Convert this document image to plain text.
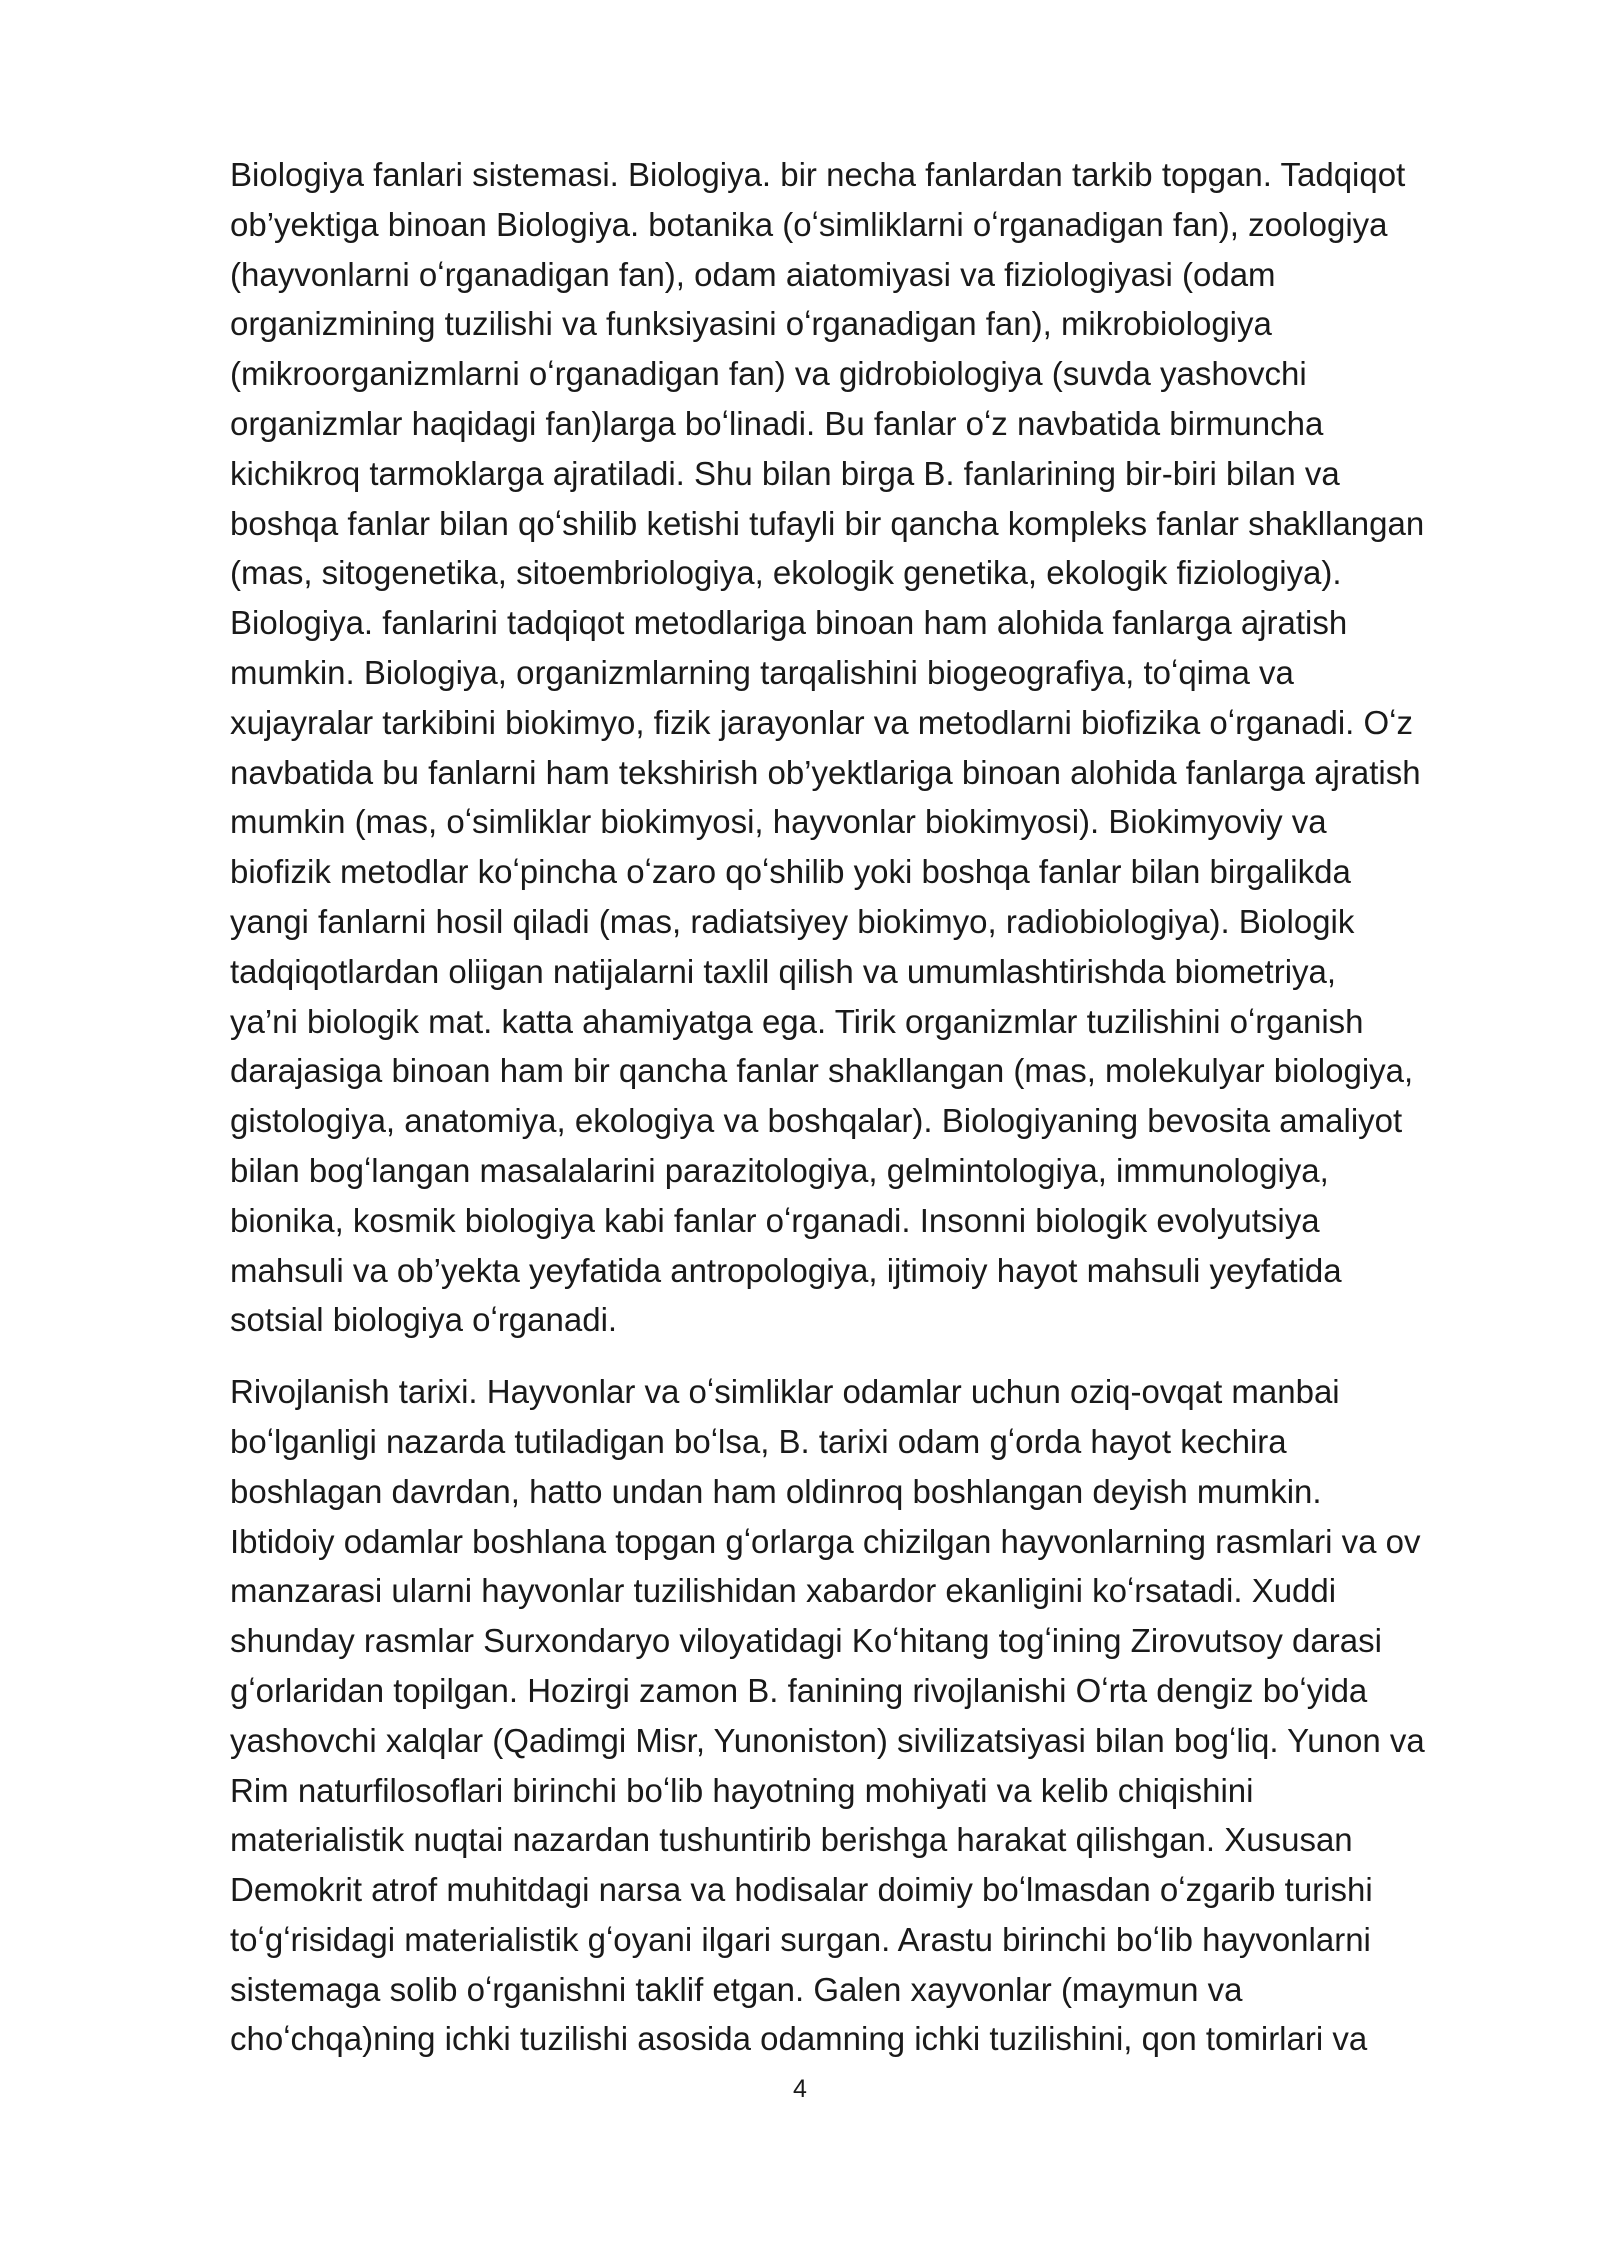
Biologiya fanlari sistemasi. Biologiya. bir necha fanlardan tarkib topgan. Tadqiqot
ob’yektiga binoan Biologiya. botanika (oʻsimliklarni oʻrganadigan fan), zoologiya
(hayvonlarni oʻrganadigan fan), odam aiatomiyasi va fiziologiyasi (odam
organizmining tuzilishi va funksiyasini oʻrganadigan fan), mikrobiologiya
(mikroorganizmlarni oʻrganadigan fan) va gidrobiologiya (suvda yashovchi
organizmlar haqidagi fan)larga boʻlinadi. Bu fanlar oʻz navbatida birmuncha
kichikroq tarmoklarga ajratiladi. Shu bilan birga B. fanlarining bir-biri bilan va
boshqa fanlar bilan qoʻshilib ketishi tufayli bir qancha kompleks fanlar shakllangan
(mas, sitogenetika, sitoembriologiya, ekologik genetika, ekologik fiziologiya).
Biologiya. fanlarini tadqiqot metodlariga binoan ham alohida fanlarga ajratish
mumkin. Biologiya, organizmlarning tarqalishini biogeografiya, toʻqima va
xujayralar tarkibini biokimyo, fizik jarayonlar va metodlarni biofizika oʻrganadi. Oʻz
navbatida bu fanlarni ham tekshirish ob’yektlariga binoan alohida fanlarga ajratish
mumkin (mas, oʻsimliklar biokimyosi, hayvonlar biokimyosi). Biokimyoviy va
biofizik metodlar koʻpincha oʻzaro qoʻshilib yoki boshqa fanlar bilan birgalikda
yangi fanlarni hosil qiladi (mas, radiatsiyey biokimyo, radiobiologiya). Biologik
tadqiqotlardan oliigan natijalarni taxlil qilish va umumlashtirishda biometriya,
ya’ni biologik mat. katta ahamiyatga ega. Tirik organizmlar tuzilishini oʻrganish
darajasiga binoan ham bir qancha fanlar shakllangan (mas, molekulyar biologiya,
gistologiya, anatomiya, ekologiya va boshqalar). Biologiyaning bevosita amaliyot
bilan bogʻlangan masalalarini parazitologiya, gelmintologiya, immunologiya,
bionika, kosmik biologiya kabi fanlar oʻrganadi. Insonni biologik evolyutsiya
mahsuli va ob’yekta yeyfatida antropologiya, ijtimoiy hayot mahsuli yeyfatida
sotsial biologiya oʻrganadi.

Rivojlanish tarixi. Hayvonlar va oʻsimliklar odamlar uchun oziq-ovqat manbai
boʻlganligi nazarda tutiladigan boʻlsa, B. tarixi odam gʻorda hayot kechira
boshlagan davrdan, hatto undan ham oldinroq boshlangan deyish mumkin.
Ibtidoiy odamlar boshlana topgan gʻorlarga chizilgan hayvonlarning rasmlari va ov
manzarasi ularni hayvonlar tuzilishidan xabardor ekanligini koʻrsatadi. Xuddi
shunday rasmlar Surxondaryo viloyatidagi Koʻhitang togʻining Zirovutsoy darasi
gʻorlaridan topilgan. Hozirgi zamon B. fanining rivojlanishi Oʻrta dengiz boʻyida
yashovchi xalqlar (Qadimgi Misr, Yunoniston) sivilizatsiyasi bilan bogʻliq. Yunon va
Rim naturfilosoflari birinchi boʻlib hayotning mohiyati va kelib chiqishini
materialistik nuqtai nazardan tushuntirib berishga harakat qilishgan. Xususan
Demokrit atrof muhitdagi narsa va hodisalar doimiy boʻlmasdan oʻzgarib turishi
toʻgʻrisidagi materialistik gʻoyani ilgari surgan. Arastu birinchi boʻlib hayvonlarni
sistemaga solib oʻrganishni taklif etgan. Galen xayvonlar (maymun va
choʻchqa)ning ichki tuzilishi asosida odamning ichki tuzilishini, qon tomirlari va

4
